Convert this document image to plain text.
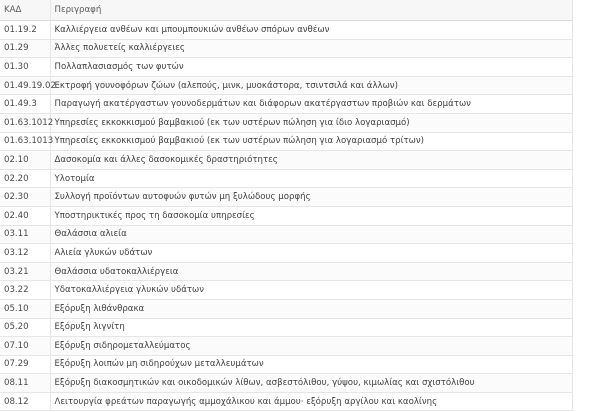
ΚΑΔ	Περιγραφή
01.19.2	Καλλιέργεια ανθέων και μπουμπουκιών ανθέων σπόρων ανθέων
01.29	Άλλες πολυετείς καλλιέργειες
01.30	Πολλαπλασιασμός των φυτών
01.49.19.02	Εκτροφή γουνοφόρων ζώων (αλεπούς, μινκ, μυοκάστορα, τσιντσιλά και άλλων)
01.49.3	Παραγωγή ακατέργαστων γουνοδερμάτων και διάφορων ακατέργαστων προβιών και δερμάτων
01.63.1012	Υπηρεσίες εκκοκκισμού βαμβακιού (εκ των υστέρων πώληση για ίδιο λογαριασμό)
01.63.1013	Υπηρεσίες εκκοκκισμού βαμβακιού (εκ των υστέρων πώληση για λογαριασμό τρίτων)
02.10	Δασοκομία και άλλες δασοκομικές δραστηριότητες
02.20	Υλοτομία
02.30	Συλλογή προϊόντων αυτοφυών φυτών μη ξυλώδους μορφής
02.40	Υποστηρικτικές προς τη δασοκομία υπηρεσίες
03.11	Θαλάσσια αλιεία
03.12	Αλιεία γλυκών υδάτων
03.21	Θαλάσσια υδατοκαλλιέργεια
03.22	Υδατοκαλλιέργεια γλυκών υδάτων
05.10	Εξόρυξη λιθάνθρακα
05.20	Εξόρυξη λιγνίτη
07.10	Εξόρυξη σιδηρομεταλλεύματος
07.29	Εξόρυξη λοιπών μη σιδηρούχων μεταλλευμάτων
08.11	Εξόρυξη διακοσμητικών και οικοδομικών λίθων, ασβεστόλιθου, γύψου, κιμωλίας και σχιστόλιθου
08.12	Λειτουργία φρεάτων παραγωγής αμμοχάλικου και άμμου· εξόρυξη αργίλου και καολίνης
